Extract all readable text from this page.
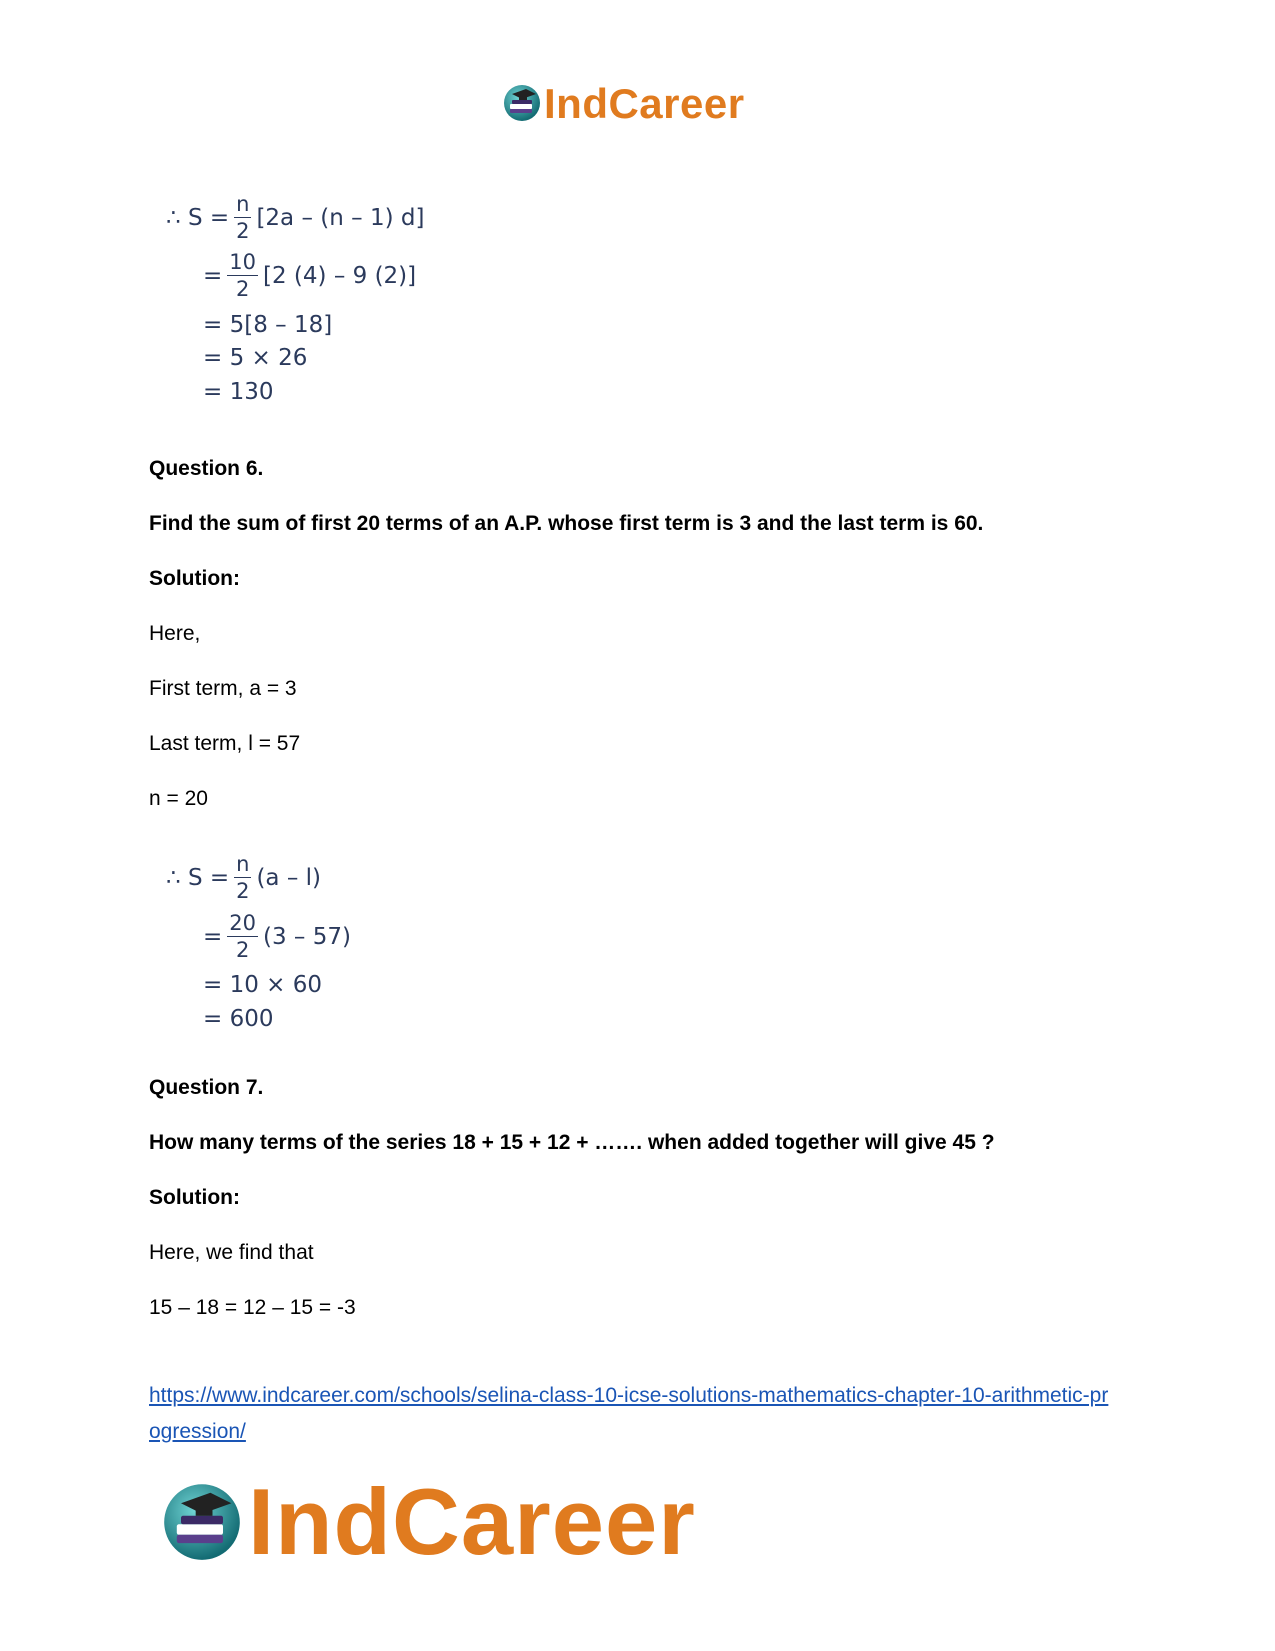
IndCareer
∴ $S = \frac{n}{2} [2a - (n - 1)$ d]
= $\frac{10}{2} [2$ (4) – 9 (2)]
= 5[8 – 18]
= 5 × 26
= 130
Question 6.
Find the sum of first 20 terms of an A.P. whose first term is 3 and the last term is 60.
Solution:
Here,
First term, a = 3
Last term, l = 57
n = 20
∴ $S = \frac{n}{2} (a - l)$
= $\frac{20}{2} (3 - 57)$
= 10 × 60
= 600
Question 7.
How many terms of the series 18 + 15 + 12 + ……. when added together will give 45 ?
Solution:
Here, we find that
15 – 18 = 12 – 15 = -3
https://www.indcareer.com/schools/selina-class-10-icse-solutions-mathematics-chapter-10-arithmetic-progression/
IndCareer
